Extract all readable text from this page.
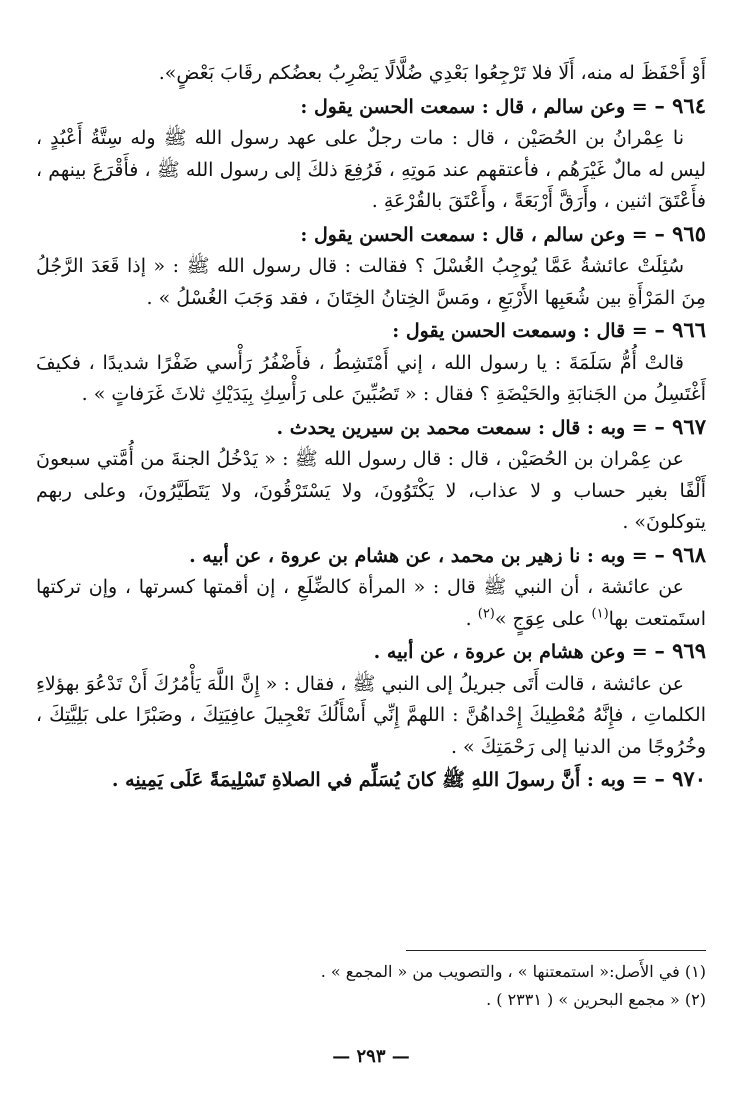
أَوْ أَحْفَظَ له منه، أَلَا فلا تَرْجِعُوا بَعْدِي ضُلَّالًا يَضْرِبُ بعضُكم رقَابَ بَعْضٍ».

٩٦٤ – = وعن سالم ، قال : سمعت الحسن يقول :

نا عِمْرانُ بن الحُصَيْن ، قال : مات رجلٌ على عهد رسول الله ﷺ وله سِتَّةُ أَعْبُدٍ ، ليس له مالٌ غَيْرَهُم ، فأعتقهم عند مَوتِهِ ، فَرُفِعَ ذلكَ إلى رسول الله ﷺ ، فأَقْرَعَ بينهم ، فأَعْتَقَ اثنين ، وأَرَقَّ أَرْبَعَةً ، وأَعْتَقَ بالقُرْعَةِ .

٩٦٥ – = وعن سالم ، قال : سمعت الحسن يقول :

سُئِلَتْ عائشةُ عَمَّا يُوجِبُ الغُسْلَ ؟ فقالت : قال رسول الله ﷺ : « إذا قَعَدَ الرَّجُلُ مِنَ المَرْأَةِ بين شُعَبِها الأَرْبَعِ ، ومَسَّ الخِتانُ الخِتَانَ ، فقد وَجَبَ الغُسْلُ » .

٩٦٦ – = قال : وسمعت الحسن يقول :

قالتْ أُمُّ سَلَمَةَ : يا رسول الله ، إني أَمْتَشِطُ ، فأَضْفُرُ رَأْسي ضَفْرًا شديدًا ، فكيفَ أَغْتَسِلُ من الجَنابَةِ والحَيْضَةِ ؟ فقال : « تَصُبِّينَ على رَأْسِكِ بِيَدَيْكِ ثلاثَ غَرَفاتٍ » .

٩٦٧ – = وبه : قال : سمعت محمد بن سيرين يحدث .

عن عِمْران بن الحُصَيْن ، قال : قال رسول الله ﷺ : « يَدْخُلُ الجنةَ من أُمَّتي سبعونَ أَلْفًا بغير حساب و لا عذاب، لا يَكْتَوُونَ، ولا يَسْتَرْقُونَ، ولا يَتَطَيَّرُونَ، وعلى ربهم يتوكلونَ» .

٩٦٨ – = وبه : نا زهير بن محمد ، عن هشام بن عروة ، عن أبيه .

عن عائشة ، أن النبي ﷺ قال : « المرأة كالضِّلَعِ ، إن أقمتها كسرتها ، وإن تركتها استَمتعت بها$^{(١)}$ على عِوَجٍ »$^{(٢)}$ .

٩٦٩ – = وعن هشام بن عروة ، عن أبيه .

عن عائشة ، قالت أَتَى جبريلُ إلى النبي ﷺ ، فقال : « إِنَّ اللَّهَ يَأْمُرُكَ أَنْ تَدْعُوَ بهؤلاءِ الكلماتِ ، فإِنَّهُ مُعْطِيكَ إِحْداهُنَّ : اللهمَّ إِنِّي أَسْأَلُكَ تَعْجِيلَ عافِيَتِكَ ، وصَبْرًا على بَلِيَّتِكَ ، وخُرُوجًا من الدنيا إلى رَحْمَتِكَ » .

٩٧٠ – = وبه : أَنَّ رسولَ اللهِ ﷺ كانَ يُسَلِّم في الصلاةِ تَسْلِيمَةً عَلَى يَمِينِه .

(١) في الأَصل:« استمعتنها » ، والتصويب من « المجمع » .

(٢) « مجمع البحرين » ( ٢٣٣١ ) .

— ٢٩٣ —
